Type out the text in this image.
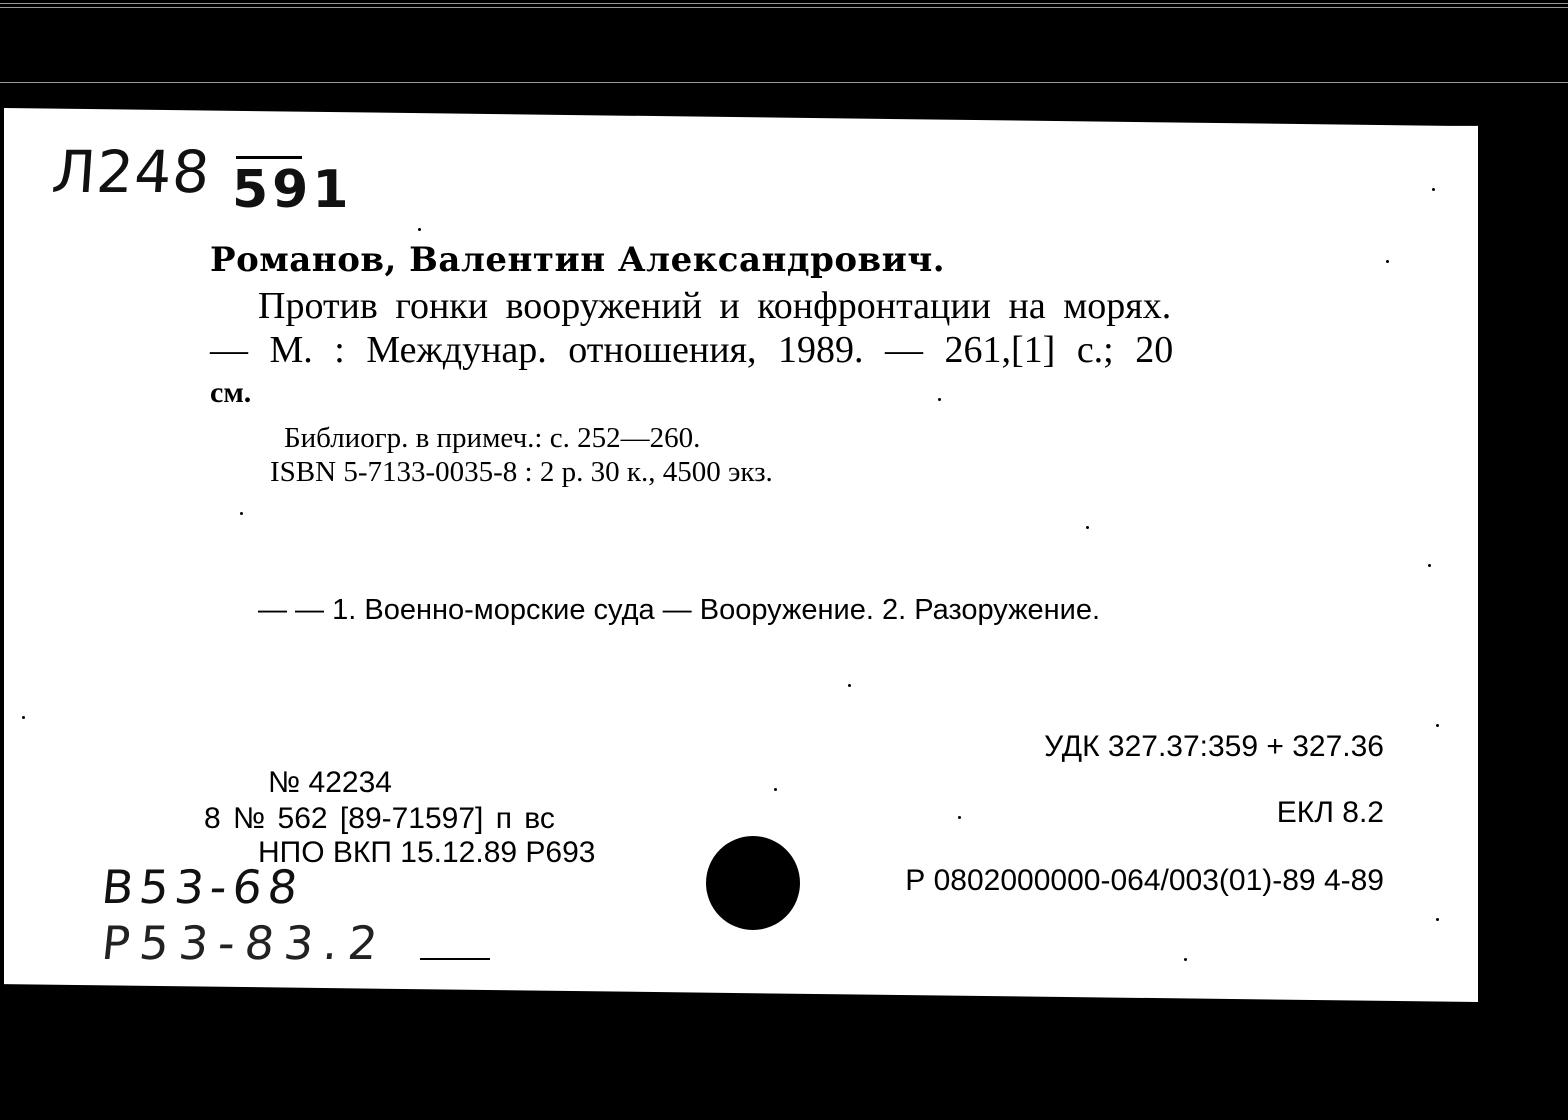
Л248 591
Романов, Валентин Александрович.
Против гонки вооружений и конфронтации на морях.
— М. : Междунар. отношения, 1989. — 261,[1] с.; 20
см.
Библиогр. в примеч.: с. 252—260.
ISBN 5-7133-0035-8 : 2 р. 30 к., 4500 экз.
— — 1. Военно-морские суда — Вооружение. 2. Разоружение.
УДК 327.37:359 + 327.36
ЕКЛ 8.2
Р 0802000000-064/003(01)-89 4-89
№ 42234
8 № 562 [89-71597] п вс
НПО ВКП 15.12.89 Р693
В53-68
Р53-83.2
